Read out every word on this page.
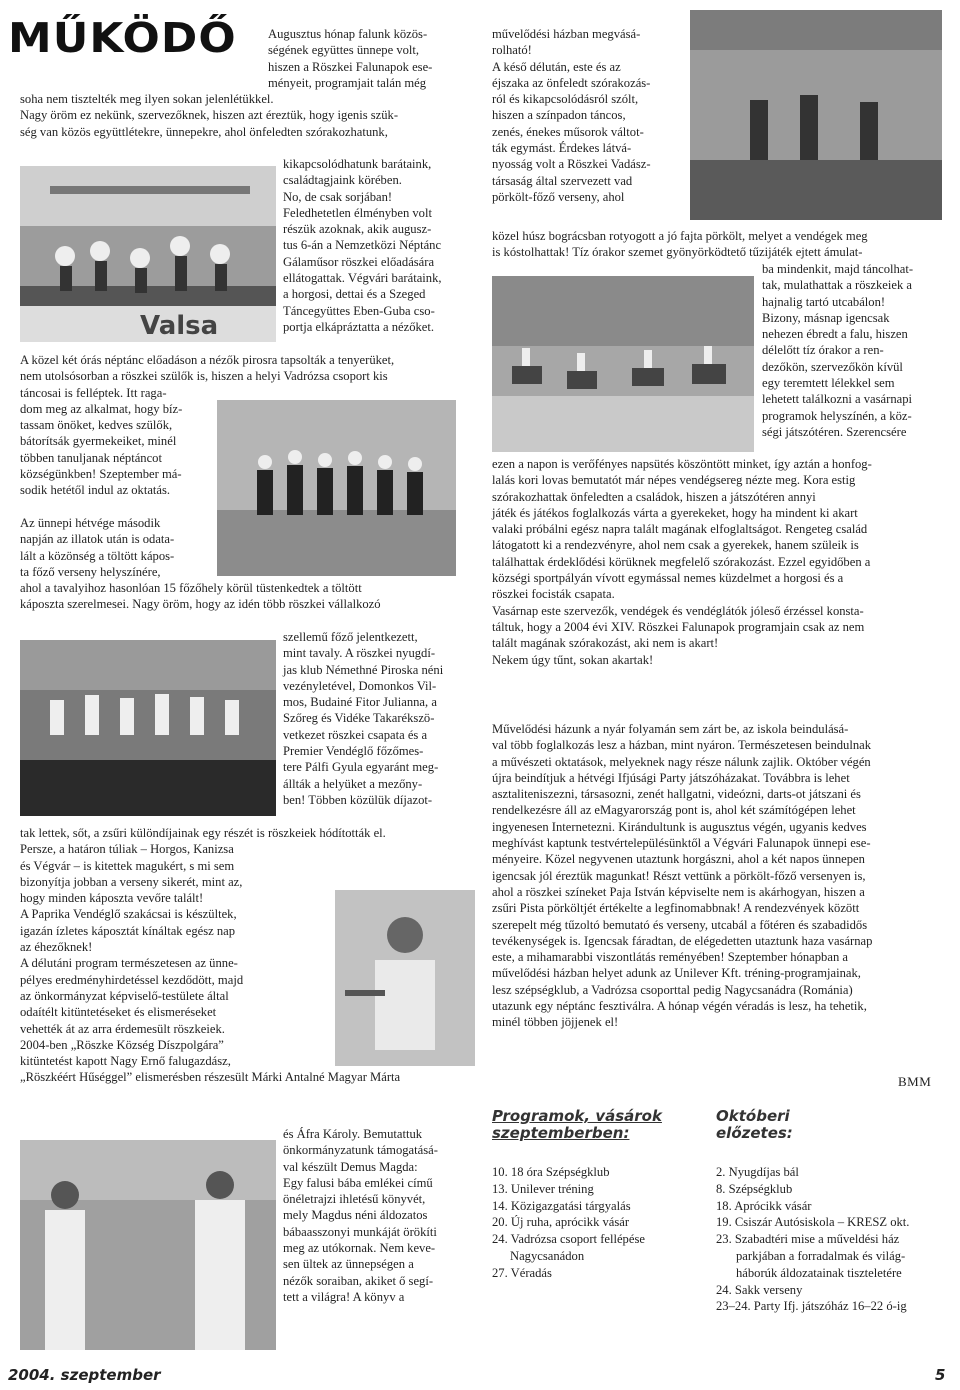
MŰKÖDŐ
Valsa
Augusztus hónap falunk közös-
ségének együttes ünnepe volt,
hiszen a Röszkei Falunapok ese-
ményeit, programjait talán még
soha nem tisztelték meg ilyen sokan jelenlétükkel.
Nagy öröm ez nekünk, szervezőknek, hiszen azt éreztük, hogy igenis szük-
ség van közös együttlétekre, ünnepekre, ahol önfeledten szórakozhatunk,
kikapcsolódhatunk barátaink,
családtagjaink körében.
No, de csak sorjában!
Feledhetetlen élményben volt
részük azoknak, akik augusz-
tus 6-án a Nemzetközi Néptánc
Gálaműsor röszkei előadására
ellátogattak. Végvári barátaink,
a horgosi, dettai és a Szeged
Táncegyüttes Eben-Guba cso-
portja elkápráztatta a nézőket.
A közel két órás néptánc előadáson a nézők pirosra tapsolták a tenyerüket,
nem utolsósorban a röszkei szülők is, hiszen a helyi Vadrózsa csoport kis
táncosai is felléptek. Itt raga-
dom meg az alkalmat, hogy bíz-
tassam önöket, kedves szülők,
bátorítsák gyermekeiket, minél
többen tanuljanak néptáncot
községünkben! Szeptember má-
sodik hetétől indul az oktatás.
Az ünnepi hétvége második
napján az illatok után is odata-
lált a közönség a töltött kápos-
ta főző verseny helyszínére,
ahol a tavalyihoz hasonlóan 15 főzőhely körül tüstenkedtek a töltött
káposzta szerelmesei. Nagy öröm, hogy az idén több röszkei vállalkozó
szellemű főző jelentkezett,
mint tavaly. A röszkei nyugdí-
jas klub Némethné Piroska néni
vezényletével, Domonkos Vil-
mos, Budainé Fitor Julianna, a
Szőreg és Vidéke Takarékszö-
vetkezet röszkei csapata és a
Premier Vendéglő főzőmes-
tere Pálfi Gyula egyaránt meg-
állták a helyüket a mezőny-
ben! Többen közülük díjazot-
tak lettek, sőt, a zsűri különdíjainak egy részét is röszkeiek hódították el.
Persze, a határon túliak – Horgos, Kanizsa
és Végvár – is kitettek magukért, s mi sem
bizonyítja jobban a verseny sikerét, mint az,
hogy minden káposzta vevőre talált!
A Paprika Vendéglő szakácsai is készültek,
igazán ízletes káposztát kínáltak egész nap
az éhezőknek!
A délutáni program természetesen az ünne-
pélyes eredményhirdetéssel kezdődött, majd
az önkormányzat képviselő-testülete által
odaítélt kitüntetéseket és elismeréseket
vehették át az arra érdemesült röszkeiek.
2004-ben „Röszke Község Díszpolgára”
kitüntetést kapott Nagy Ernő falugazdász,
„Röszkéért Hűséggel” elismerésben részesült Márki Antalné Magyar Márta
és Áfra Károly. Bemutattuk
önkormányzatunk támogatásá-
val készült Demus Magda:
Egy falusi bába emlékei című
önéletrajzi ihletésű könyvét,
mely Magdus néni áldozatos
bábaasszonyi munkáját örökíti
meg az utókornak. Nem keve-
sen ültek az ünnepségen a
nézők soraiban, akiket ő segí-
tett a világra! A könyv a
művelődési házban megvásá-
rolható!
A késő délután, este és az
éjszaka az önfeledt szórakozás-
ról és kikapcsolódásról szólt,
hiszen a színpadon táncos,
zenés, énekes műsorok váltot-
ták egymást. Érdekes látvá-
nyosság volt a Röszkei Vadász-
társaság által szervezett vad
pörkölt-főző verseny, ahol
közel húsz bográcsban rotyogott a jó fajta pörkölt, melyet a vendégek meg
is kóstolhattak! Tíz órakor szemet gyönyörködtető tűzijáték ejtett ámulat-
ba mindenkit, majd táncolhat-
tak, mulathattak a röszkeiek a
hajnalig tartó utcabálon!
Bizony, másnap igencsak
nehezen ébredt a falu, hiszen
délelőtt tíz órakor a ren-
dezőkön, szervezőkön kívül
egy teremtett lélekkel sem
lehetett találkozni a vasárnapi
programok helyszínén, a köz-
ségi játszótéren. Szerencsére
ezen a napon is verőfényes napsütés köszöntött minket, így aztán a honfog-
lalás kori lovas bemutatót már népes vendégsereg nézte meg. Kora estig
szórakozhattak önfeledten a családok, hiszen a játszótéren annyi
játék és játékos foglalkozás várta a gyerekeket, hogy ha mindent ki akart
valaki próbálni egész napra talált magának elfoglaltságot. Rengeteg család
látogatott ki a rendezvényre, ahol nem csak a gyerekek, hanem szüleik is
találhattak érdeklődési körüknek megfelelő szórakozást. Ezzel egyidőben a
községi sportpályán vívott egymással nemes küzdelmet a horgosi és a
röszkei focisták csapata.
Vasárnap este szervezők, vendégek és vendéglátók jóleső érzéssel konsta-
táltuk, hogy a 2004 évi XIV. Röszkei Falunapok programjain csak az nem
talált magának szórakozást, aki nem is akart!
Nekem úgy tűnt, sokan akartak!
Művelődési házunk a nyár folyamán sem zárt be, az iskola beindulásá-
val több foglalkozás lesz a házban, mint nyáron. Természetesen beindulnak
a művészeti oktatások, melyeknek nagy része nálunk zajlik. Október végén
újra beindítjuk a hétvégi Ifjúsági Party játszóházakat. Továbbra is lehet
asztaliteniszezni, társasozni, zenét hallgatni, videózni, darts-ot játszani és
rendelkezésre áll az eMagyarország pont is, ahol két számítógépen lehet
ingyenesen Internetezni. Kirándultunk is augusztus végén, ugyanis kedves
meghívást kaptunk testvértelepülésünktől a Végvári Falunapok ünnepi ese-
ményeire. Közel negyvenen utaztunk horgászni, ahol a két napos ünnepen
igencsak jól éreztük magunkat! Részt vettünk a pörkölt-főző versenyen is,
ahol a röszkei színeket Paja István képviselte nem is akárhogyan, hiszen a
zsűri Pista pörköltjét értékelte a legfinomabbnak! A rendezvények között
szerepelt még tűzoltó bemutató és verseny, utcabál a főtéren és szabadidős
tevékenységek is. Igencsak fáradtan, de elégedetten utaztunk haza vasárnap
este, a mihamarabbi viszontlátás reményében! Szeptember hónapban a
művelődési házban helyet adunk az Unilever Kft. tréning-programjainak,
lesz szépségklub, a Vadrózsa csoporttal pedig Nagycsanádra (Románia)
utazunk egy néptánc fesztiválra. A hónap végén véradás is lesz, ha tehetik,
minél többen jöjjenek el!
BMM
Programok, vásárok
szeptemberben:
10. 18 óra Szépségklub
13. Unilever tréning
14. Közigazgatási tárgyalás
20. Új ruha, aprócikk vásár
24. Vadrózsa csoport fellépése
Nagycsanádon
27. Véradás
Októberi
előzetes:
2. Nyugdíjas bál
8. Szépségklub
18. Aprócikk vásár
19. Csiszár Autósiskola – KRESZ okt.
23. Szabadtéri mise a műveldési ház
parkjában a forradalmak és világ-
háborúk áldozatainak tiszteletére
24. Sakk verseny
23–24. Party Ifj. játszóház 16–22 ó-ig
2004. szeptember	5
